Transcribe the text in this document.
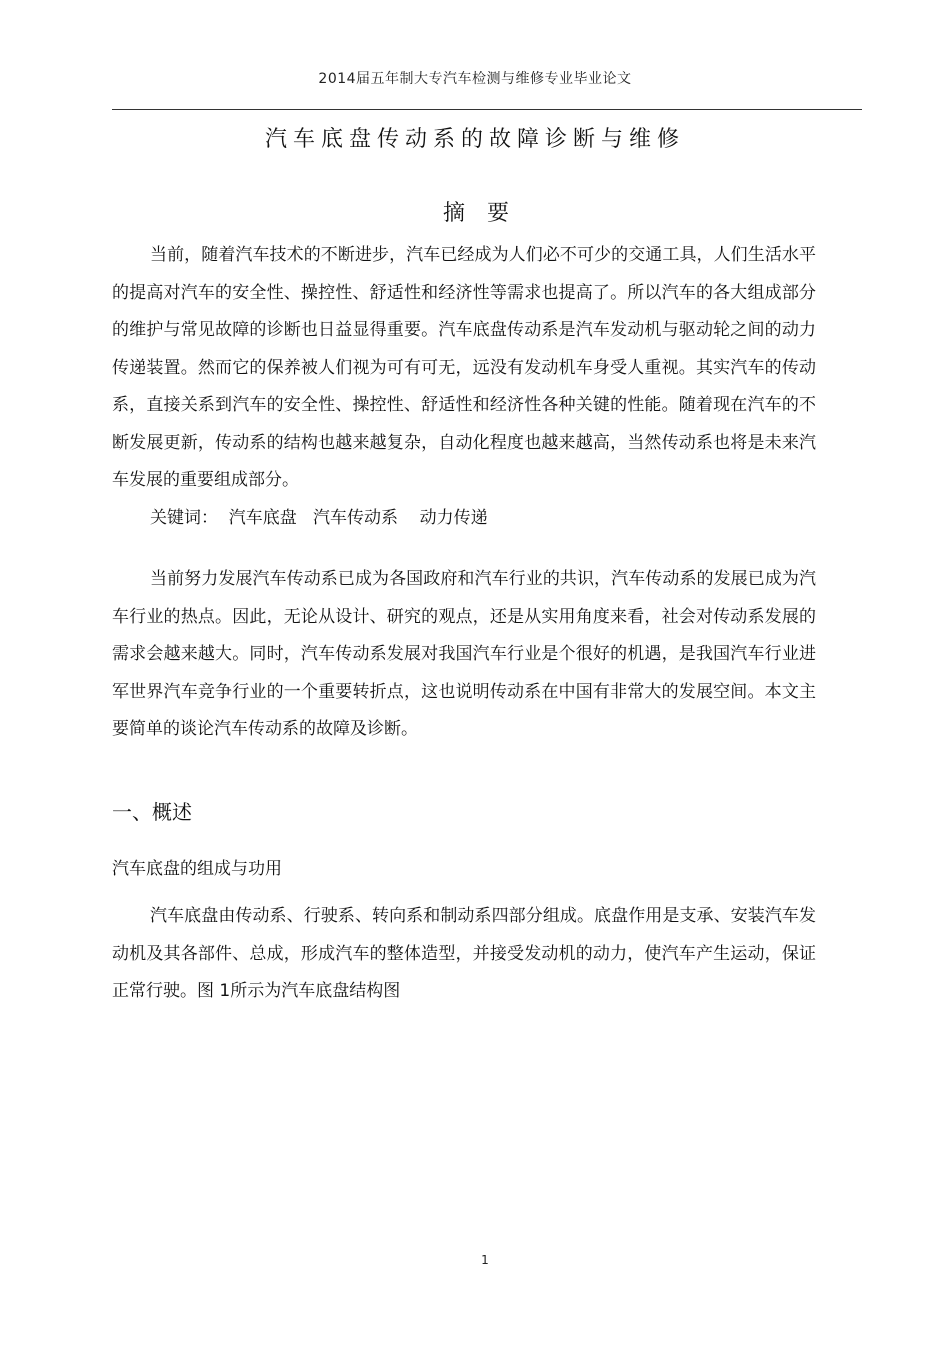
2014届五年制大专汽车检测与维修专业毕业论文
汽车底盘传动系的故障诊断与维修
摘要

当前，随着汽车技术的不断进步，汽车已经成为人们必不可少的交通工具，人们生活水平的提高对汽车的安全性、操控性、舒适性和经济性等需求也提高了。所以汽车的各大组成部分的维护与常见故障的诊断也日益显得重要。汽车底盘传动系是汽车发动机与驱动轮之间的动力传递装置。然而它的保养被人们视为可有可无，远没有发动机车身受人重视。其实汽车的传动系，直接关系到汽车的安全性、操控性、舒适性和经济性各种关键的性能。随着现在汽车的不断发展更新，传动系的结构也越来越复杂，自动化程度也越来越高，当然传动系也将是未来汽车发展的重要组成部分。

关键词：  汽车底盘   汽车传动系    动力传递

当前努力发展汽车传动系已成为各国政府和汽车行业的共识，汽车传动系的发展已成为汽车行业的热点。因此，无论从设计、研究的观点，还是从实用角度来看，社会对传动系发展的需求会越来越大。同时，汽车传动系发展对我国汽车行业是个很好的机遇，是我国汽车行业进军世界汽车竞争行业的一个重要转折点，这也说明传动系在中国有非常大的发展空间。本文主要简单的谈论汽车传动系的故障及诊断。

一、概述
汽车底盘的组成与功用

汽车底盘由传动系、行驶系、转向系和制动系四部分组成。底盘作用是支承、安装汽车发动机及其各部件、总成，形成汽车的整体造型，并接受发动机的动力，使汽车产生运动，保证正常行驶。图 1所示为汽车底盘结构图

1
